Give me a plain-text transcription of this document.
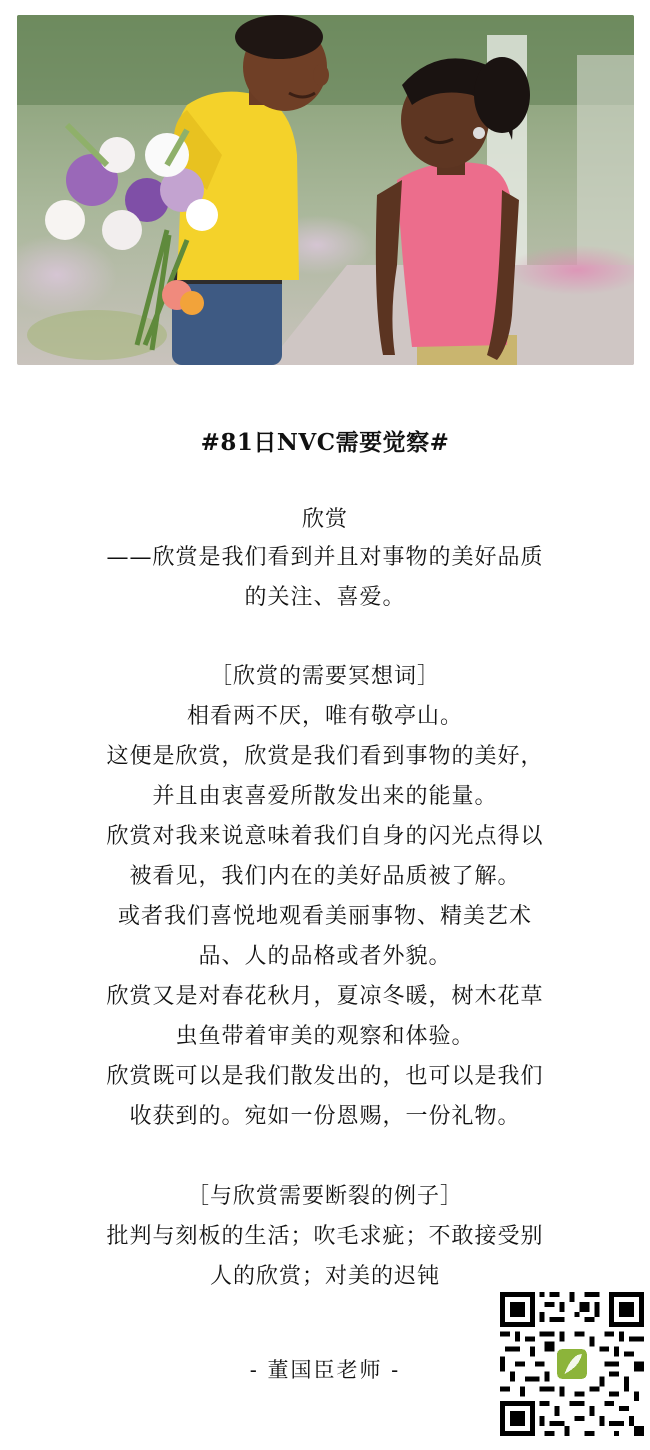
#81日NVC需要觉察#
欣赏
——欣赏是我们看到并且对事物的美好品质
的关注、喜爱。
［欣赏的需要冥想词］
相看两不厌，唯有敬亭山。
这便是欣赏，欣赏是我们看到事物的美好，
并且由衷喜爱所散发出来的能量。
欣赏对我来说意味着我们自身的闪光点得以
被看见，我们内在的美好品质被了解。
或者我们喜悦地观看美丽事物、精美艺术
品、人的品格或者外貌。
欣赏又是对春花秋月，夏凉冬暖，树木花草
虫鱼带着审美的观察和体验。
欣赏既可以是我们散发出的，也可以是我们
收获到的。宛如一份恩赐，一份礼物。
［与欣赏需要断裂的例子］
批判与刻板的生活；吹毛求疵；不敢接受别
人的欣赏；对美的迟钝
- 董国臣老师 -
